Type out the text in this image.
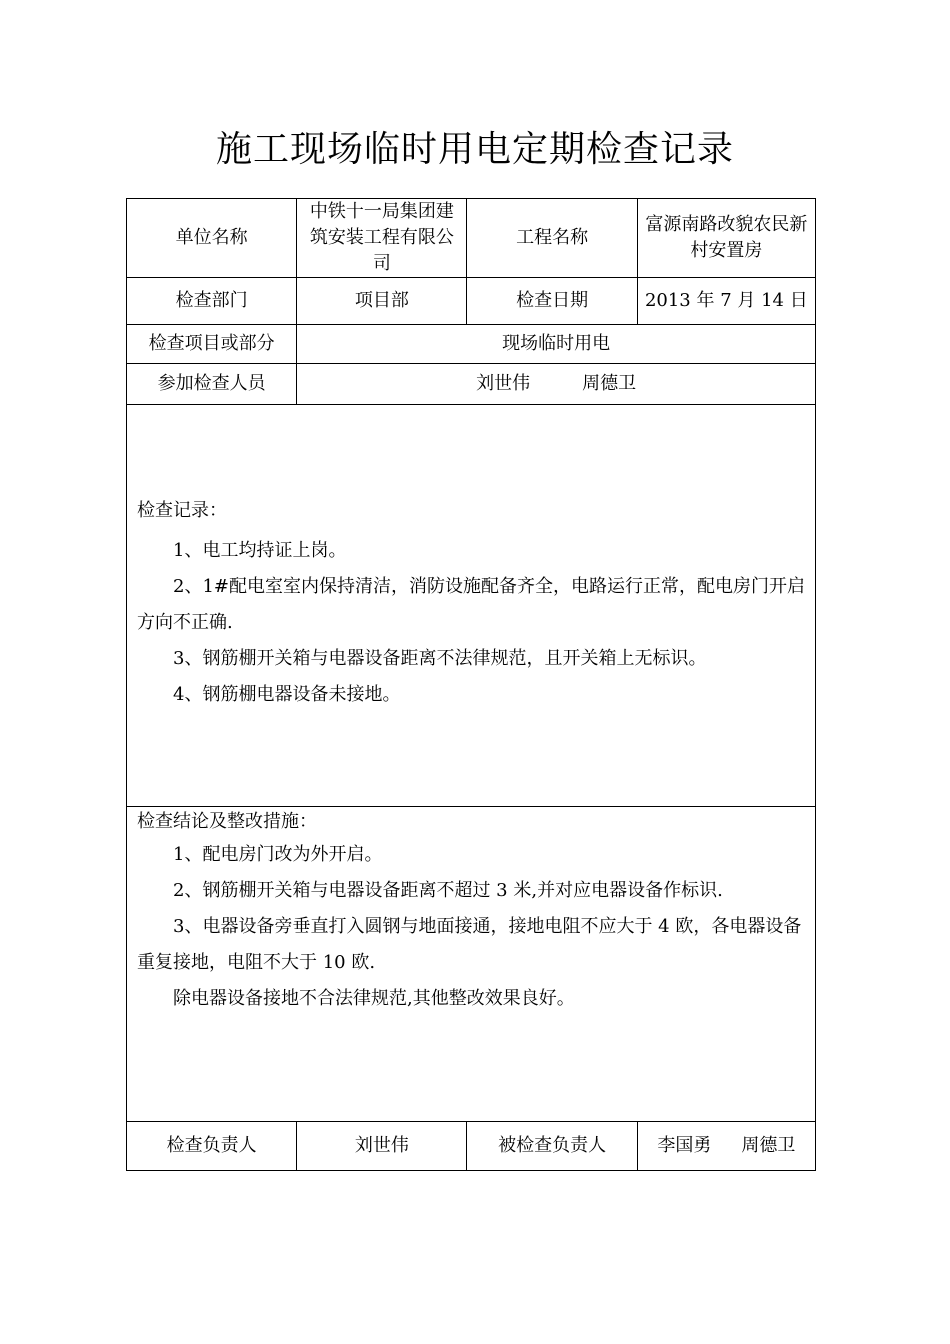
施工现场临时用电定期检查记录
单位名称	中铁十一局集团建筑安装工程有限公司	工程名称	富源南路改貌农民新村安置房
检查部门	项目部	检查日期	2013 年 7 月 14 日
检查项目或部分	现场临时用电		
参加检查人员	刘世伟 周德卫		

检查记录：

1、电工均持证上岗。

2、1#配电室室内保持清洁，消防设施配备齐全，电路运行正常，配电房门开启方向不正确.

3、钢筋棚开关箱与电器设备距离不法律规范，且开关箱上无标识。

4、钢筋棚电器设备未接地。			

检查结论及整改措施：

1、配电房门改为外开启。

2、钢筋棚开关箱与电器设备距离不超过 3 米,并对应电器设备作标识.

3、电器设备旁垂直打入圆钢与地面接通，接地电阻不应大于 4 欧，各电器设备重复接地，电阻不大于 10 欧.

除电器设备接地不合法律规范,其他整改效果良好。			

检查负责人	刘世伟	被检查负责人	李国勇 周德卫
